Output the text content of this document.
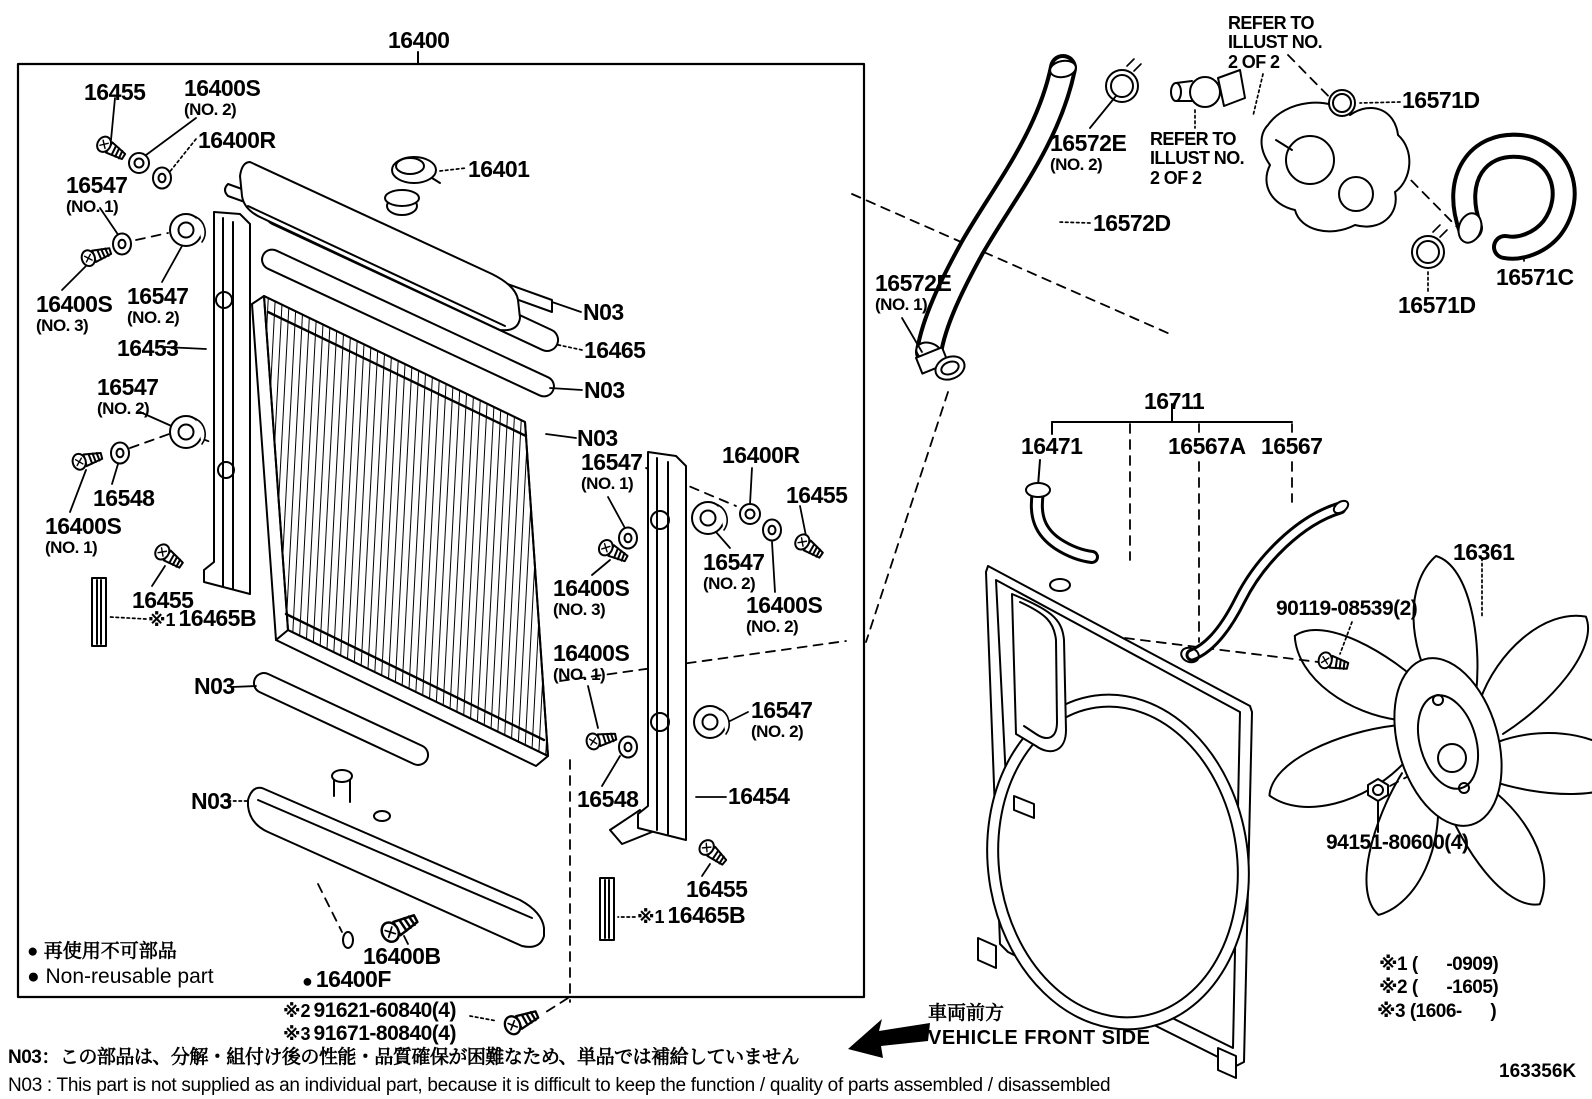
16400
16401
16455 16400S
(NO. 2)
16400R
16547
(NO. 1)
16400S
(NO. 3)
16547
(NO. 2)
16453
16547
(NO. 2)
16548
16400S
(NO. 1)
16455
※1 16465B
N03
16465
N03
N03
16547
(NO. 1)
16400R
16455
16547
(NO. 2)
16400S
(NO. 3)	16400S
(NO. 2)
16400S
(NO. 1)
16547
(NO. 2)
16548	16454
16455
※1 16465B
N03
N03
16400B
● 16400F
※2 91621-60840(4)
※3 91671-80840(4)
● 再使用不可部品
● Non-reusable part
REFER TO
ILLUST NO.
2 OF 2
REFER TO
ILLUST NO.
2 OF 2
16571D
16572E
(NO. 2)
16572D
16572E
(NO. 1)
16571C
16571D
16711
16471	16567A 16567
16361
90119-08539(2)
94151-80600(4)
※1 (      -0909)
※2 (      -1605)
※3 (1606-      )
163356K
車両前方
VEHICLE FRONT SIDE
N03：この部品は、分解・組付け後の性能・品質確保が困難なため、単品では補給していません
N03 : This part is not supplied as an individual part, because it is difficult to keep the function / quality of parts assembled / disassembled
